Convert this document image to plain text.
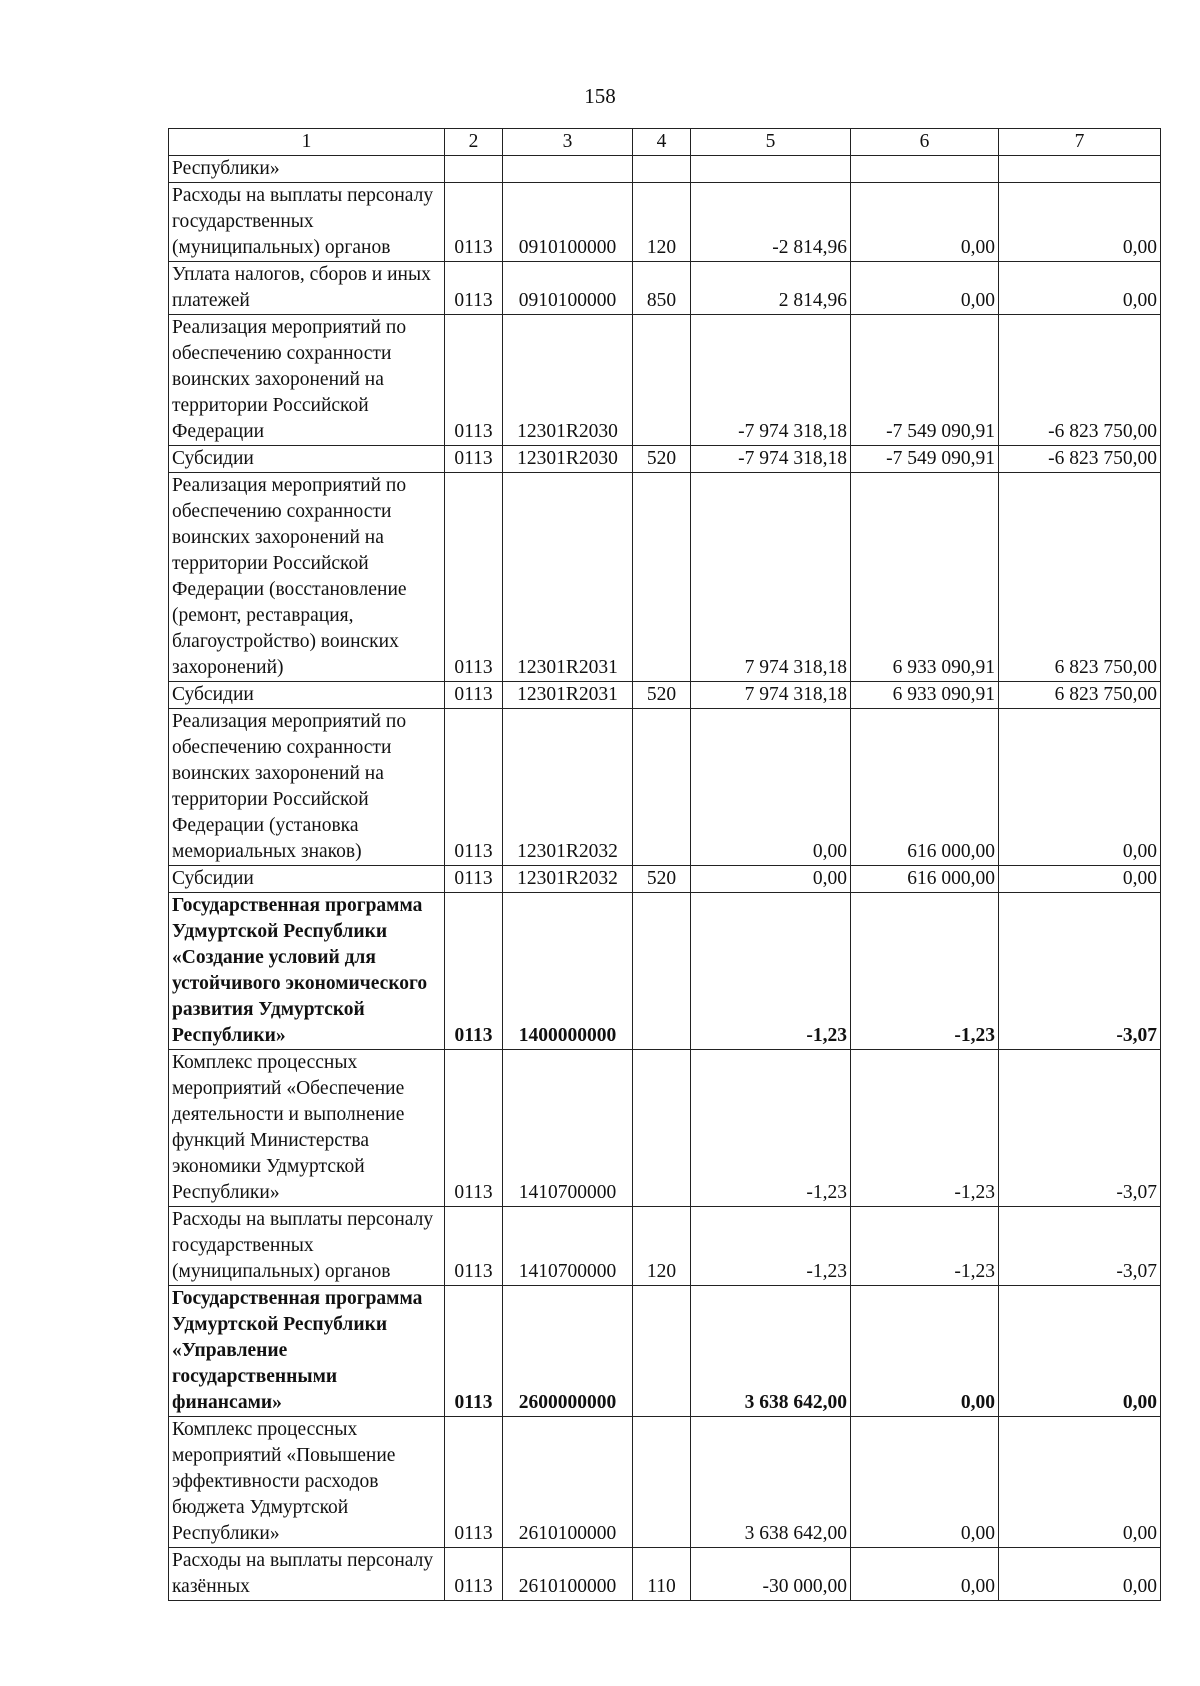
158
1	2	3	4	5	6	7
Республики»						
Расходы на выплаты персоналу государственных (муниципальных) органов	0113	0910100000	120	-2 814,96	0,00	0,00
Уплата налогов, сборов и иных платежей	0113	0910100000	850	2 814,96	0,00	0,00
Реализация мероприятий по обеспечению сохранности воинских захоронений на территории Российской Федерации	0113	12301R2030		-7 974 318,18	-7 549 090,91	-6 823 750,00
Субсидии	0113	12301R2030	520	-7 974 318,18	-7 549 090,91	-6 823 750,00
Реализация мероприятий по обеспечению сохранности воинских захоронений на территории Российской Федерации (восстановление (ремонт, реставрация, благоустройство) воинских захоронений)	0113	12301R2031		7 974 318,18	6 933 090,91	6 823 750,00
Субсидии	0113	12301R2031	520	7 974 318,18	6 933 090,91	6 823 750,00
Реализация мероприятий по обеспечению сохранности воинских захоронений на территории Российской Федерации (установка мемориальных знаков)	0113	12301R2032		0,00	616 000,00	0,00
Субсидии	0113	12301R2032	520	0,00	616 000,00	0,00
Государственная программа Удмуртской Республики «Создание условий для устойчивого экономического развития Удмуртской Республики»	0113	1400000000		-1,23	-1,23	-3,07
Комплекс процессных мероприятий «Обеспечение деятельности и выполнение функций Министерства экономики Удмуртской Республики»	0113	1410700000		-1,23	-1,23	-3,07
Расходы на выплаты персоналу государственных (муниципальных) органов	0113	1410700000	120	-1,23	-1,23	-3,07
Государственная программа Удмуртской Республики «Управление государственными финансами»	0113	2600000000		3 638 642,00	0,00	0,00
Комплекс процессных мероприятий «Повышение эффективности расходов бюджета Удмуртской Республики»	0113	2610100000		3 638 642,00	0,00	0,00
Расходы на выплаты персоналу казённых	0113	2610100000	110	-30 000,00	0,00	0,00
